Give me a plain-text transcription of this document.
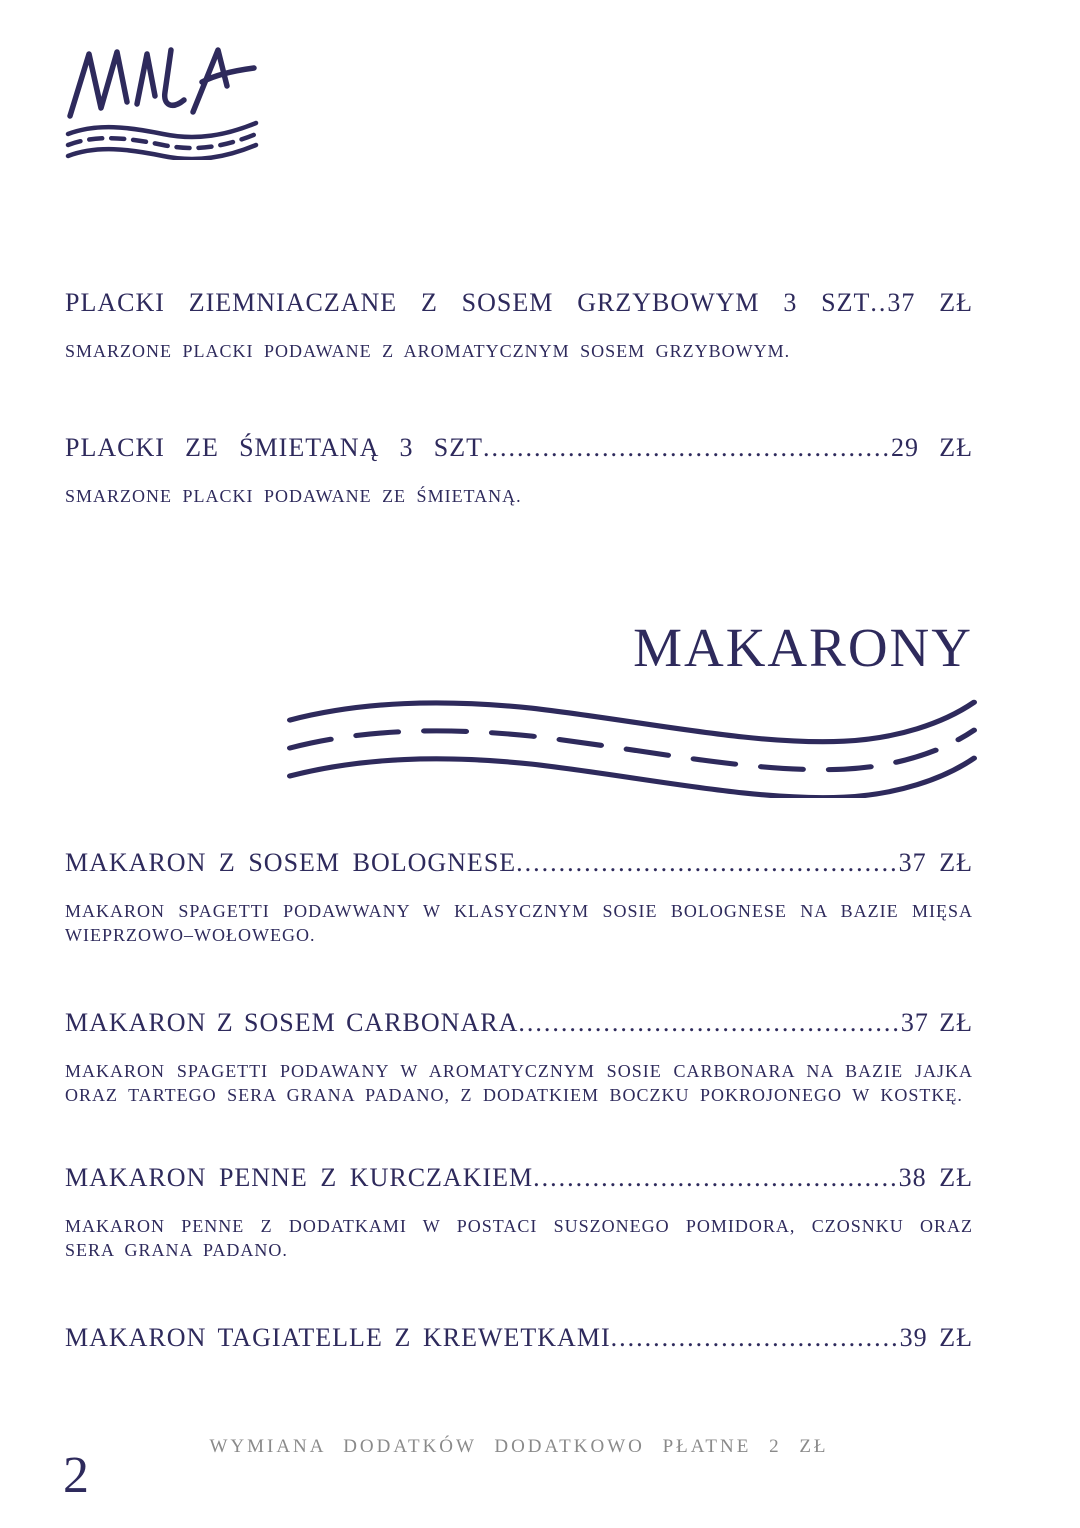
PLACKI ZIEMNIACZANE Z SOSEM GRZYBOWYM 3 SZT..37 ZŁ

SMARZONE PLACKI PODAWANE Z AROMATYCZNYM SOSEM GRZYBOWYM.

PLACKI ZE ŚMIETANĄ 3 SZT................................................29 ZŁ

SMARZONE PLACKI PODAWANE ZE ŚMIETANĄ.

MAKARONY
MAKARON Z SOSEM BOLOGNESE.............................................37 ZŁ

MAKARON SPAGETTI PODAWWANY W KLASYCZNYM SOSIE BOLOGNESE NA BAZIE MIĘSA WIEPRZOWO–WOŁOWEGO.

MAKARON Z SOSEM CARBONARA.............................................37 ZŁ

MAKARON SPAGETTI PODAWANY W AROMATYCZNYM SOSIE CARBONARA NA BAZIE JAJKA ORAZ TARTEGO SERA GRANA PADANO, Z DODATKIEM BOCZKU POKROJONEGO W KOSTKĘ.

MAKARON PENNE Z KURCZAKIEM...........................................38 ZŁ

MAKARON PENNE Z DODATKAMI W POSTACI SUSZONEGO POMIDORA, CZOSNKU ORAZ SERA GRANA PADANO.

MAKARON TAGIATELLE Z KREWETKAMI..................................39 ZŁ
WYMIANA DODATKÓW DODATKOWO PŁATNE 2 ZŁ
2
